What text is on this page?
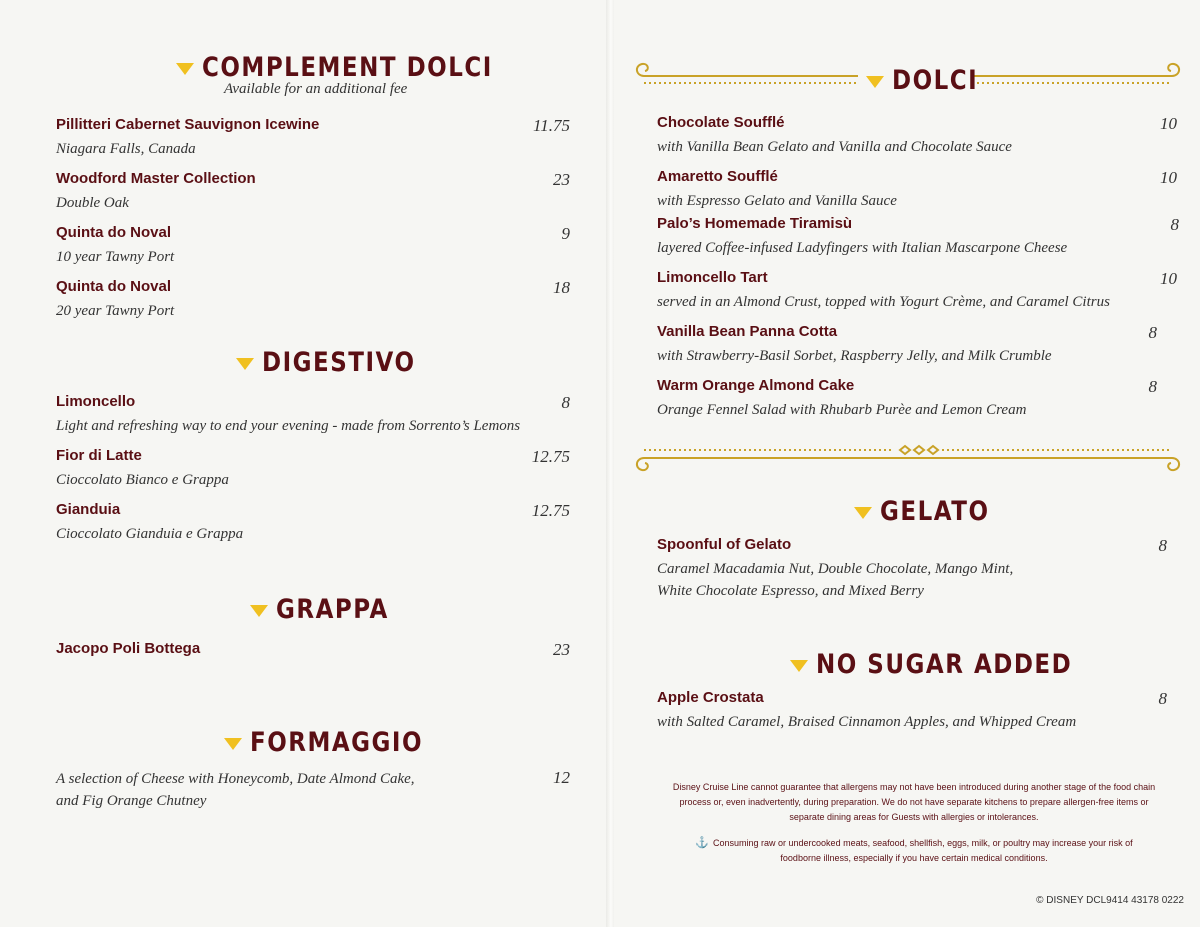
COMPLEMENT DOLCI
Available for an additional fee
Pillitteri Cabernet Sauvignon Icewine
Niagara Falls, Canada
11.75
Woodford Master Collection
Double Oak
23
Quinta do Noval
10 year Tawny Port
9
Quinta do Noval
20 year Tawny Port
18
DIGESTIVO
Limoncello
Light and refreshing way to end your evening - made from Sorrento’s Lemons
8
Fior di Latte
Cioccolato Bianco e Grappa
12.75
Gianduia
Cioccolato Gianduia e Grappa
12.75
GRAPPA
Jacopo Poli Bottega	23
FORMAGGIO
A selection of Cheese with Honeycomb, Date Almond Cake,
and Fig Orange Chutney
12
DOLCI
Chocolate Soufflé
with Vanilla Bean Gelato and Vanilla and Chocolate Sauce
10
Amaretto Soufflé
with Espresso Gelato and Vanilla Sauce
10
Palo’s Homemade Tiramisù
layered Coffee-infused Ladyfingers with Italian Mascarpone Cheese
8
Limoncello Tart
served in an Almond Crust, topped with Yogurt Crème, and Caramel Citrus
10
Vanilla Bean Panna Cotta
with Strawberry-Basil Sorbet, Raspberry Jelly, and Milk Crumble
8
Warm Orange Almond Cake
Orange Fennel Salad with Rhubarb Purèe and Lemon Cream
8
GELATO
Spoonful of Gelato
Caramel Macadamia Nut, Double Chocolate, Mango Mint,
White Chocolate Espresso, and Mixed Berry
8
NO SUGAR ADDED
Apple Crostata
with Salted Caramel, Braised Cinnamon Apples, and Whipped Cream
8
Disney Cruise Line cannot guarantee that allergens may not have been introduced during another stage of the food chain
process or, even inadvertently, during preparation. We do not have separate kitchens to prepare allergen-free items or
separate dining areas for Guests with allergies or intolerances.
⚓ Consuming raw or undercooked meats, seafood, shellfish, eggs, milk, or poultry may increase your risk of
foodborne illness, especially if you have certain medical conditions.
© DISNEY DCL9414 43178 0222
